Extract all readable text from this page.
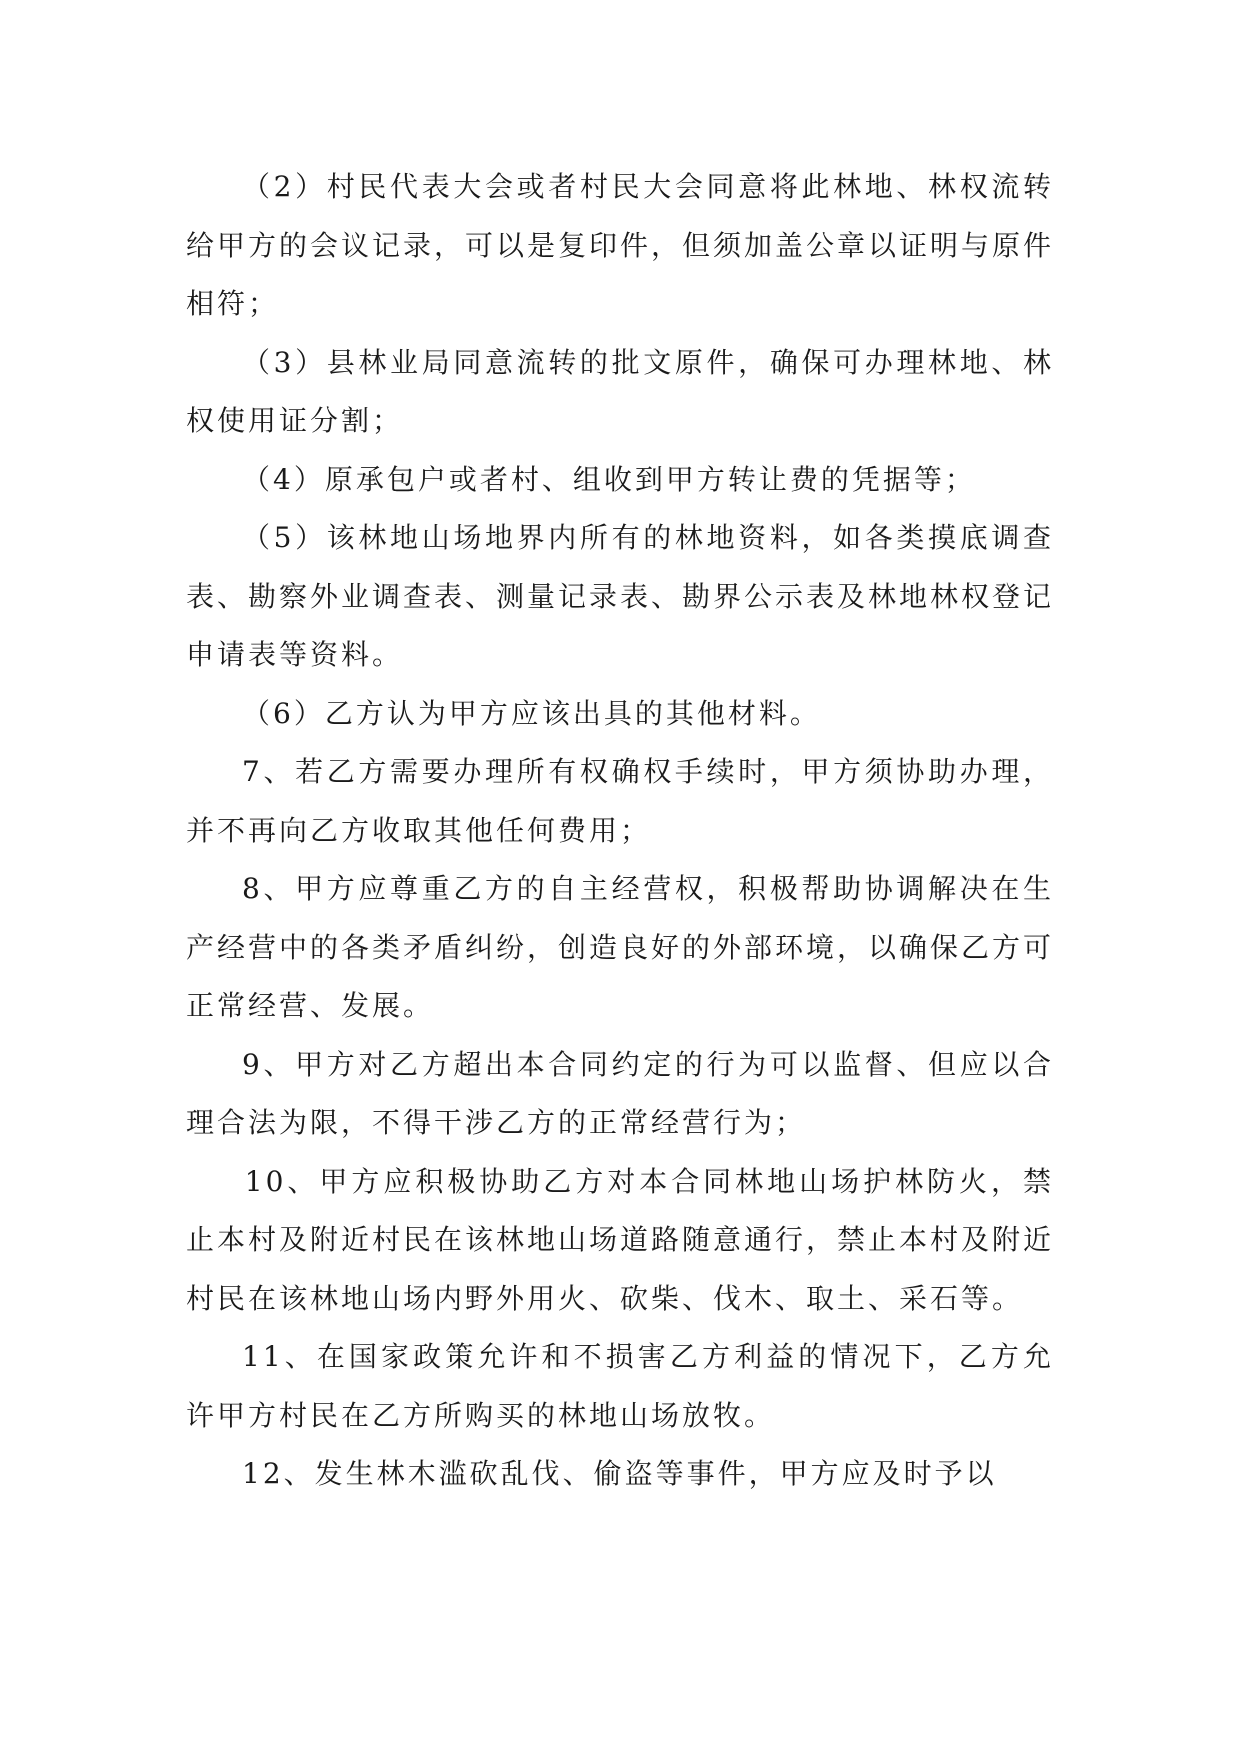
（2）村民代表大会或者村民大会同意将此林地、林权流转给甲方的会议记录，可以是复印件，但须加盖公章以证明与原件相符；

（3）县林业局同意流转的批文原件，确保可办理林地、林权使用证分割；

（4）原承包户或者村、组收到甲方转让费的凭据等；

（5）该林地山场地界内所有的林地资料，如各类摸底调查表、勘察外业调查表、测量记录表、勘界公示表及林地林权登记申请表等资料。

（6）乙方认为甲方应该出具的其他材料。

7、若乙方需要办理所有权确权手续时，甲方须协助办理，并不再向乙方收取其他任何费用；

8、甲方应尊重乙方的自主经营权，积极帮助协调解决在生产经营中的各类矛盾纠纷，创造良好的外部环境，以确保乙方可正常经营、发展。

9、甲方对乙方超出本合同约定的行为可以监督、但应以合理合法为限，不得干涉乙方的正常经营行为；

10、甲方应积极协助乙方对本合同林地山场护林防火，禁止本村及附近村民在该林地山场道路随意通行，禁止本村及附近村民在该林地山场内野外用火、砍柴、伐木、取土、采石等。

11、在国家政策允许和不损害乙方利益的情况下，乙方允许甲方村民在乙方所购买的林地山场放牧。

12、发生林木滥砍乱伐、偷盗等事件，甲方应及时予以
